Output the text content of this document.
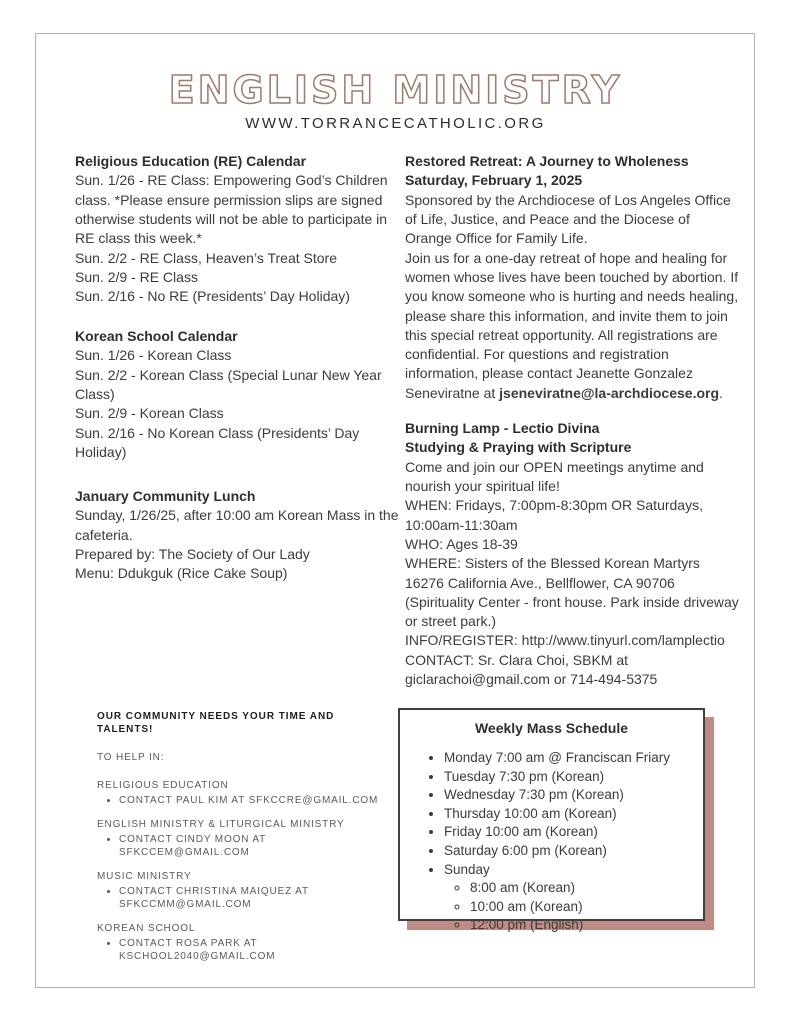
ENGLISH MINISTRY
WWW.TORRANCECATHOLIC.ORG
Religious Education (RE) Calendar

Sun. 1/26 - RE Class: Empowering God’s Children class. *Please ensure permission slips are signed otherwise students will not be able to participate in RE class this week.*

Sun. 2/2 - RE Class, Heaven’s Treat Store

Sun. 2/9 - RE Class

Sun. 2/16 - No RE (Presidents’ Day Holiday)

Korean School Calendar

Sun. 1/26 - Korean Class

Sun. 2/2 - Korean Class (Special Lunar New Year Class)

Sun. 2/9 - Korean Class

Sun. 2/16 - No Korean Class (Presidents’ Day Holiday)

January Community Lunch

Sunday, 1/26/25, after 10:00 am Korean Mass in the cafeteria.

Prepared by: The Society of Our Lady

Menu: Ddukguk (Rice Cake Soup)

Restored Retreat: A Journey to Wholeness
Saturday, February 1, 2025

Sponsored by the Archdiocese of Los Angeles Office of Life, Justice, and Peace and the Diocese of Orange Office for Family Life.

Join us for a one-day retreat of hope and healing for women whose lives have been touched by abortion. If you know someone who is hurting and needs healing, please share this information, and invite them to join this special retreat opportunity. All registrations are confidential. For questions and registration information, please contact Jeanette Gonzalez Seneviratne at jseneviratne@la-archdiocese.org.

Burning Lamp - Lectio Divina
Studying & Praying with Scripture

Come and join our OPEN meetings anytime and nourish your spiritual life!

WHEN: Fridays, 7:00pm-8:30pm OR Saturdays, 10:00am-11:30am

WHO: Ages 18-39

WHERE: Sisters of the Blessed Korean Martyrs

16276 California Ave., Bellflower, CA 90706

(Spirituality Center - front house. Park inside driveway or street park.)

INFO/REGISTER: http://www.tinyurl.com/lamplectio

CONTACT: Sr. Clara Choi, SBKM at giclarachoi@gmail.com or 714-494-5375

OUR COMMUNITY NEEDS YOUR TIME AND TALENTS!
TO HELP IN:
RELIGIOUS EDUCATION
• CONTACT PAUL KIM AT SFKCCRE@GMAIL.COM
ENGLISH MINISTRY & LITURGICAL MINISTRY
• CONTACT CINDY MOON AT SFKCCEM@GMAIL.COM
MUSIC MINISTRY
• CONTACT CHRISTINA MAIQUEZ AT SFKCCMM@GMAIL.COM
KOREAN SCHOOL
• CONTACT ROSA PARK AT KSCHOOL2040@GMAIL.COM
Weekly Mass Schedule
• Monday 7:00 am @ Franciscan Friary
• Tuesday 7:30 pm (Korean)
• Wednesday 7:30 pm (Korean)
• Thursday 10:00 am (Korean)
• Friday 10:00 am (Korean)
• Saturday 6:00 pm (Korean)
• Sunday
◦ 8:00 am (Korean)
◦ 10:00 am (Korean)
◦ 12:00 pm (English)
